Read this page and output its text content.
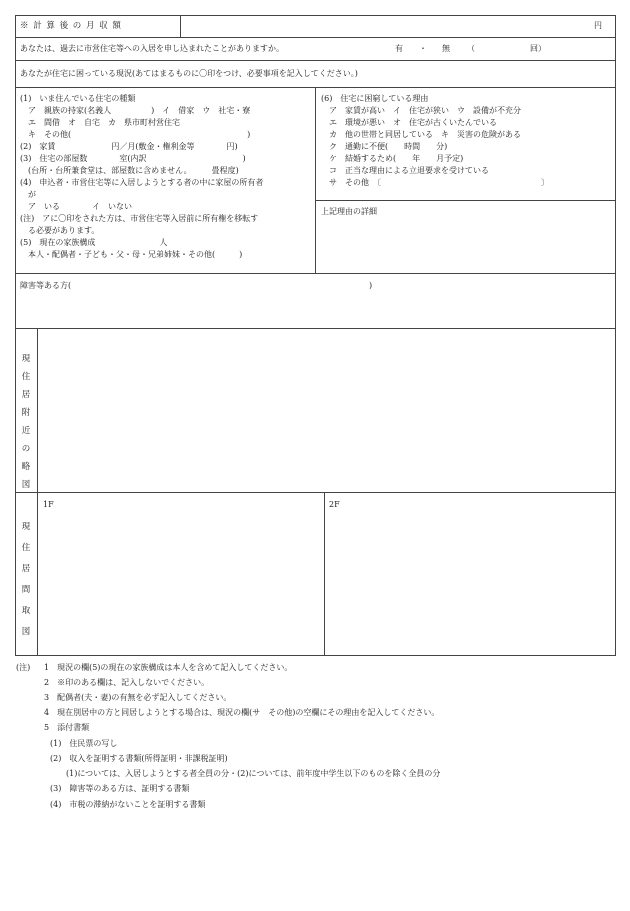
※ 計 算 後 の 月 収 額	円
あなたは、過去に市営住宅等への入居を申し込まれたことがありますか。	有 ・ 無 （	回）
あなたが住宅に困っている現況(あてはまるものに〇印をつけ、必要事項を記入してください。)
(1)　いま住んでいる住宅の種類
　ア　親族の持家(名義人　　　　　)　イ　借家　ウ　社宅・寮
　エ　間借　オ　自宅　カ　県市町村営住宅
　キ　その他(　　　　　　　　　　　　　　　　　　　　　　)
(2)　家賃　　　　　　　円／月(敷金・権利金等　　　　円)
(3)　住宅の部屋数　　　　室(内訳　　　　　　　　　　　　)
　(台所・台所兼食堂は、部屋数に含めません。　　　畳程度)
(4)　申込者・市営住宅等に入居しようとする者の中に家屋の所有者
　が
　ア　いる　　　　イ　いない
(注)　アに〇印をされた方は、市営住宅等入居前に所有権を移転す
　る必要があります。
(5)　現在の家族構成　　　　　　　　人
　本人・配偶者・子ども・父・母・兄弟姉妹・その他(　　　)
(6)　住宅に困窮している理由
　ア　家賃が高い　イ　住宅が狭い　ウ　設備が不充分
　エ　環境が悪い　オ　住宅が古くいたんでいる
　カ　他の世帯と同居している　キ　災害の危険がある
　ク　通勤に不便(　　時間　　分)
　ケ　結婚するため(　　年　　月予定)
　コ　正当な理由による立退要求を受けている
　サ　その他　〔　　　　　　　　　　　　　　　　　　　　〕
上記理由の詳細
障害等ある方(	)
現
住
居
附
近
の
略
図
現
住
居
間
取
図
1F	2F
(注) 1　現況の欄(5)の現在の家族構成は本人を含めて記入してください。
2　※印のある欄は、記入しないでください。
3　配偶者(夫・妻)の有無を必ず記入してください。
4　現在別居中の方と同居しようとする場合は、現況の欄(サ　その他)の空欄にその理由を記入してください。
5　添付書類
(1)　住民票の写し
(2)　収入を証明する書類(所得証明・非課税証明)
(1)については、入居しようとする者全員の分・(2)については、前年度中学生以下のものを除く全員の分
(3)　障害等のある方は、証明する書類
(4)　市税の滞納がないことを証明する書類
